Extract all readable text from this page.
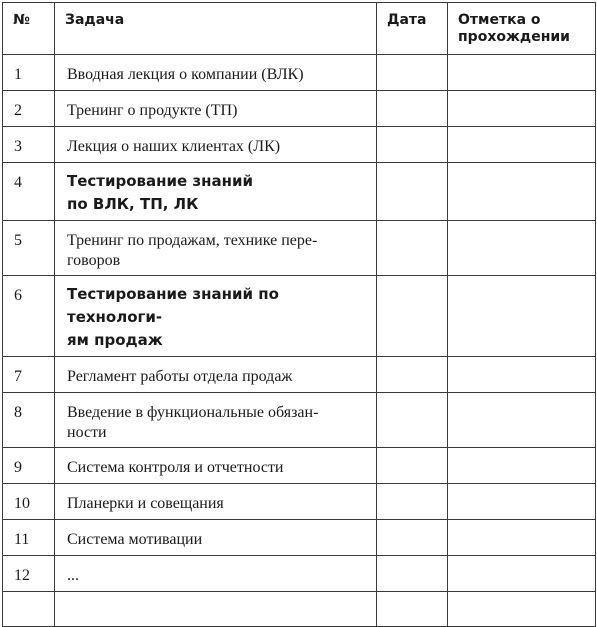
№	Задача	Дата	Отметка о
прохождении
1	Вводная лекция о компании (ВЛК)		
2	Тренинг о продукте (ТП)		
3	Лекция о наших клиентах (ЛК)		
4	Тестирование знаний
по ВЛК, ТП, ЛК		
5	Тренинг по продажам, технике пере-
говоров		
6	Тестирование знаний по технологи-
ям продаж		
7	Регламент работы отдела продаж		
8	Введение в функциональные обязан-
ности		
9	Система контроля и отчетности		
10	Планерки и совещания		
11	Система мотивации		
12	...		
